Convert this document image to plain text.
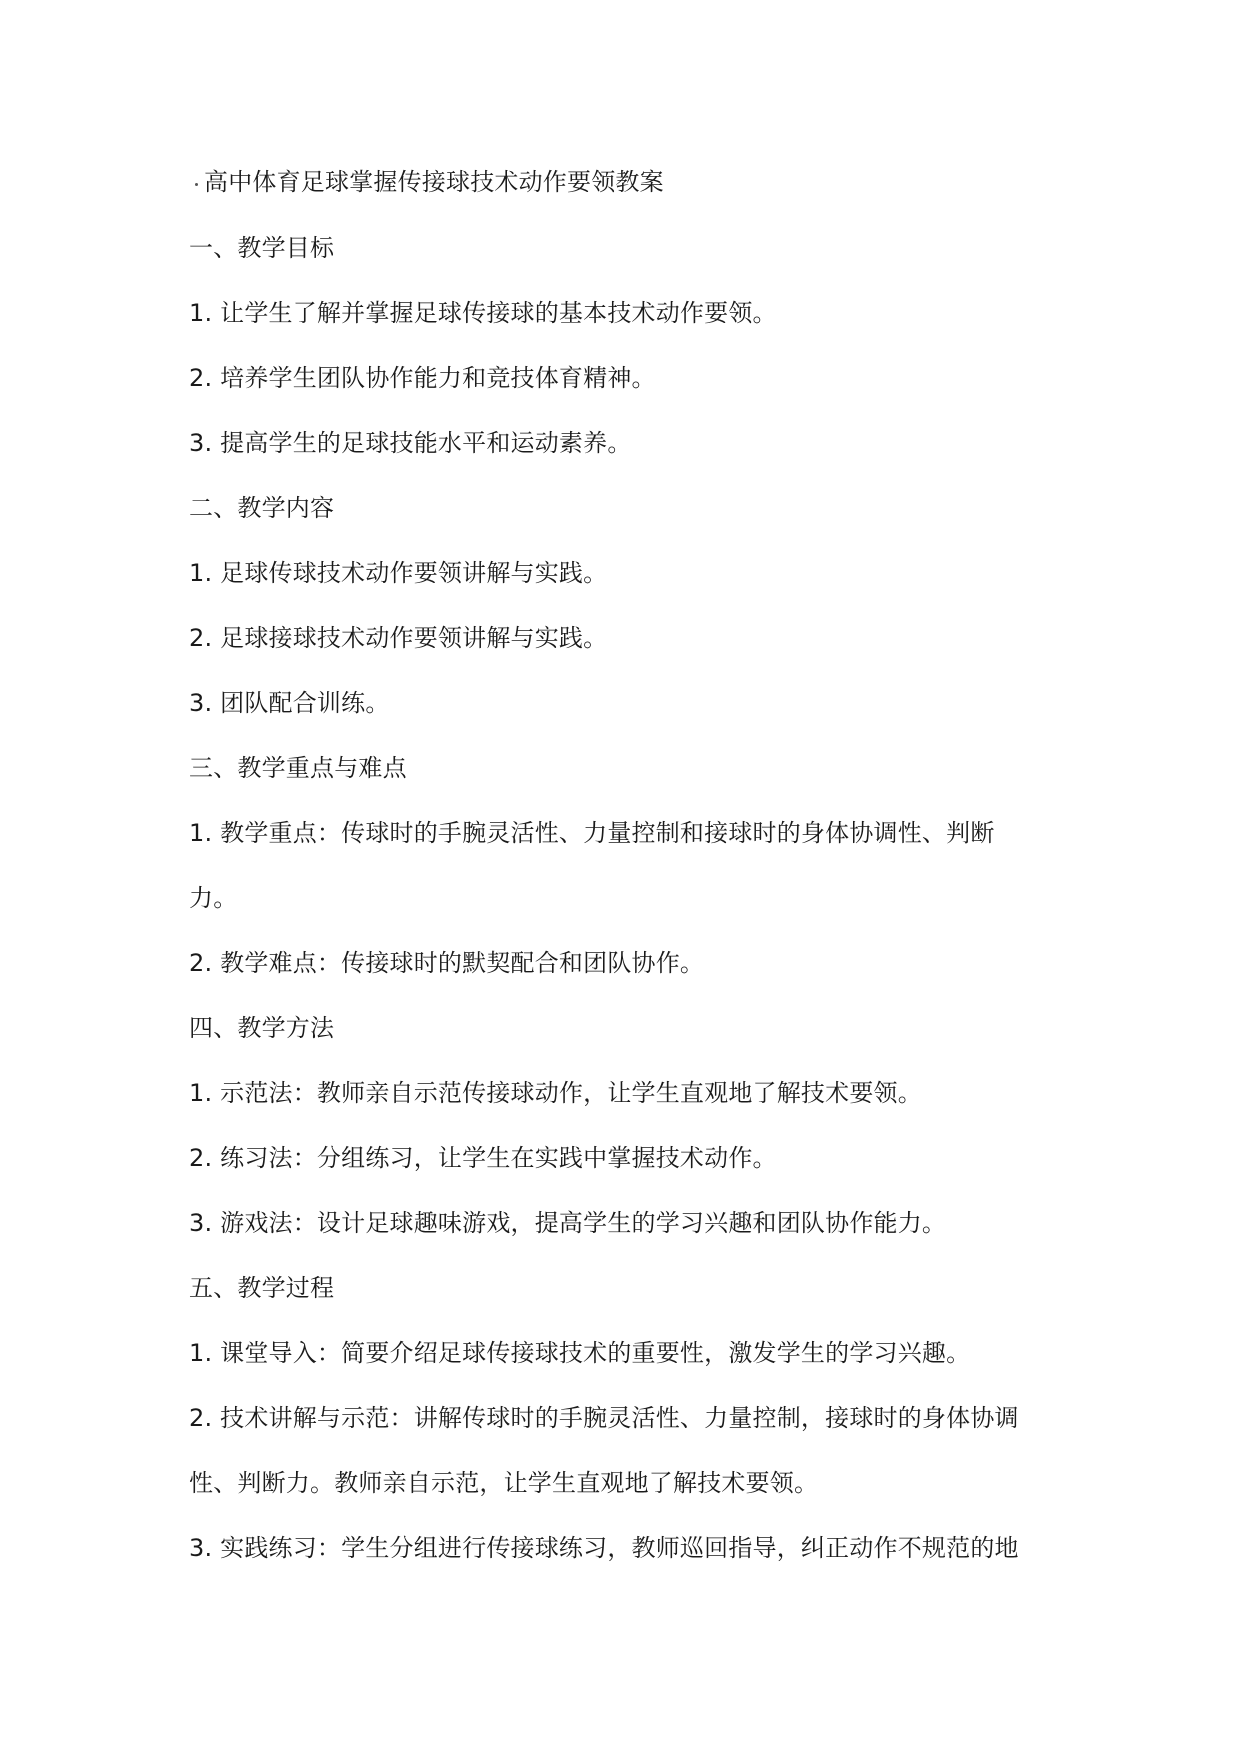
高中体育足球掌握传接球技术动作要领教案
一、教学目标
1. 让学生了解并掌握足球传接球的基本技术动作要领。
2. 培养学生团队协作能力和竞技体育精神。
3. 提高学生的足球技能水平和运动素养。
二、教学内容
1. 足球传球技术动作要领讲解与实践。
2. 足球接球技术动作要领讲解与实践。
3. 团队配合训练。
三、教学重点与难点
1. 教学重点：传球时的手腕灵活性、力量控制和接球时的身体协调性、判断
力。
2. 教学难点：传接球时的默契配合和团队协作。
四、教学方法
1. 示范法：教师亲自示范传接球动作，让学生直观地了解技术要领。
2. 练习法：分组练习，让学生在实践中掌握技术动作。
3. 游戏法：设计足球趣味游戏，提高学生的学习兴趣和团队协作能力。
五、教学过程
1. 课堂导入：简要介绍足球传接球技术的重要性，激发学生的学习兴趣。
2. 技术讲解与示范：讲解传球时的手腕灵活性、力量控制，接球时的身体协调
性、判断力。教师亲自示范，让学生直观地了解技术要领。
3. 实践练习：学生分组进行传接球练习，教师巡回指导，纠正动作不规范的地
